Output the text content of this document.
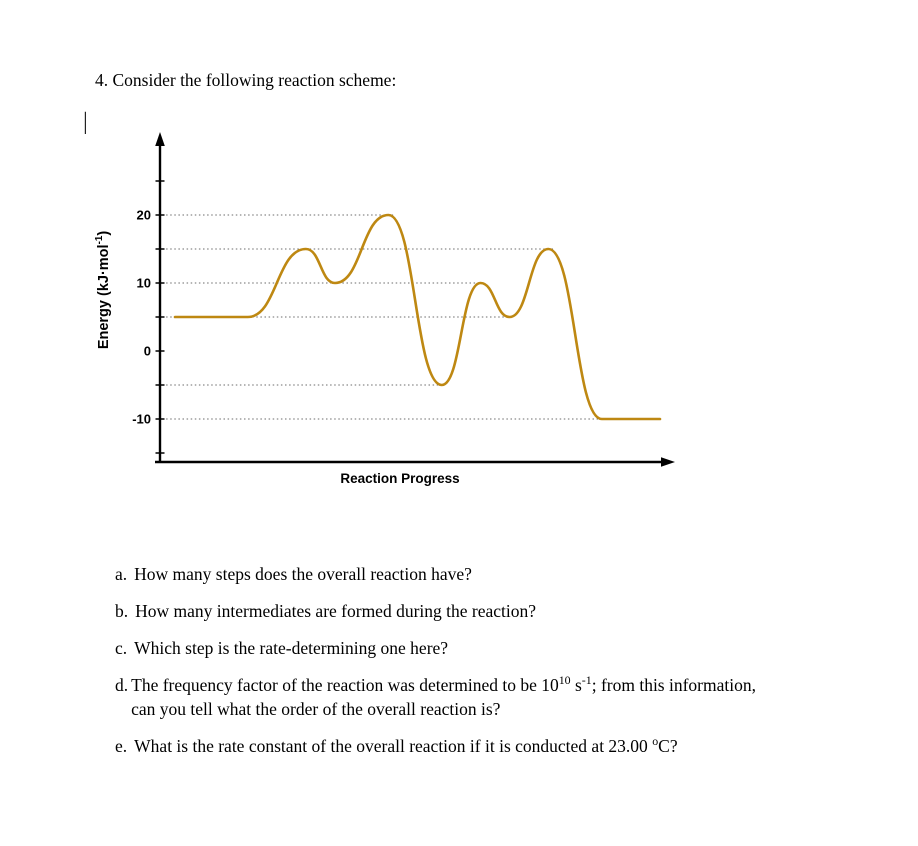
4. Consider the following reaction scheme:
|
20
10
0
-10
Reaction Progress
Energy (kJ·mol$^{-1}$)
a. How many steps does the overall reaction have?
b. How many intermediates are formed during the reaction?
c. Which step is the rate-determining one here?
d. The frequency factor of the reaction was determined to be $10^{10}$ $s^{-1}$; from this information,
can you tell what the order of the overall reaction is?
e. What is the rate constant of the overall reaction if it is conducted at 23.00 $^o$C?
